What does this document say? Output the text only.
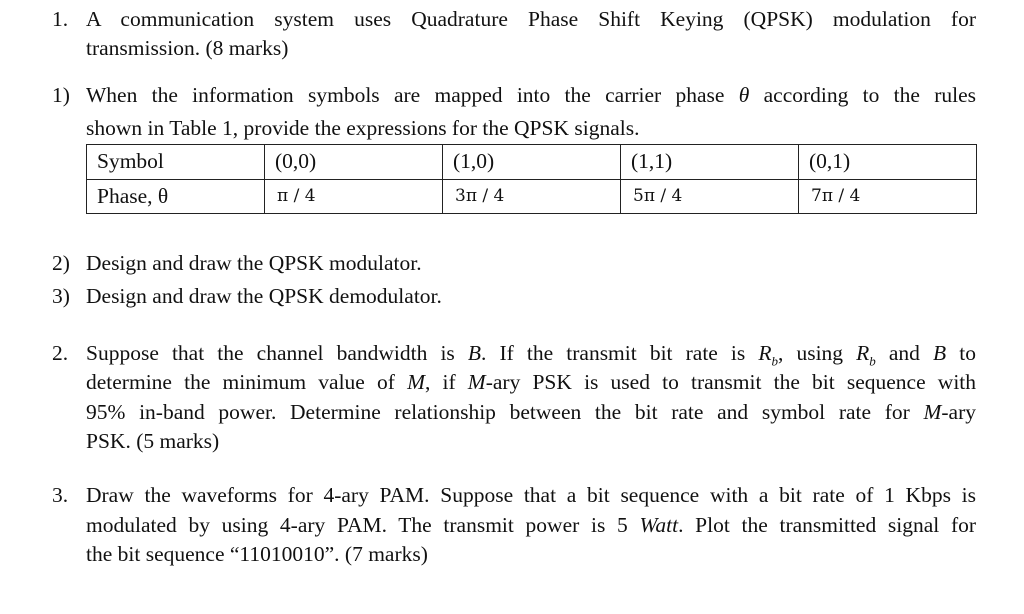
1. A communication system uses Quadrature Phase Shift Keying (QPSK) modulation for
transmission. (8 marks)
1) When the information symbols are mapped into the carrier phase θ according to the rules
shown in Table 1, provide the expressions for the QPSK signals.
Symbol	(0,0)	(1,0)	(1,1)	(0,1)
Phase, θ	π / 4	3π / 4	5π / 4	7π / 4
2) Design and draw the QPSK modulator.
3) Design and draw the QPSK demodulator.
2. Suppose that the channel bandwidth is B. If the transmit bit rate is $R_b$, using $R_b$ and B to
determine the minimum value of M, if M-ary PSK is used to transmit the bit sequence with
95% in-band power. Determine relationship between the bit rate and symbol rate for M-ary
PSK. (5 marks)
3. Draw the waveforms for 4-ary PAM. Suppose that a bit sequence with a bit rate of 1 Kbps is
modulated by using 4-ary PAM. The transmit power is 5 Watt. Plot the transmitted signal for
the bit sequence “11010010”. (7 marks)
